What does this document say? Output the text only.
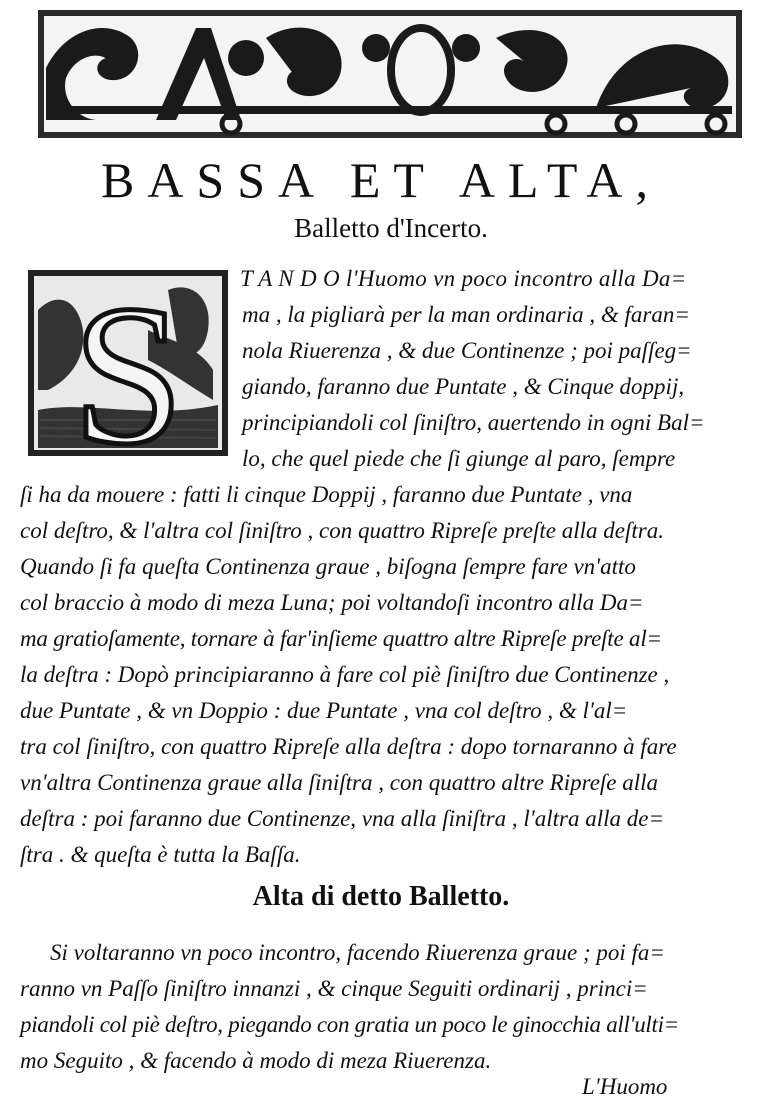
BASSA ET ALTA,

Balletto d'Incerto.

S T A N D O l'Huomo vn poco incontro alla Da=

ma , la pigliarà per la man ordinaria , & faran=

nola Riuerenza , & due Continenze ; poi paſſeg=

giando, faranno due Puntate , & Cinque doppij,

principiandoli col ſiniſtro, auertendo in ogni Bal=

lo, che quel piede che ſi giunge al paro, ſempre

ſi ha da mouere : fatti li cinque Doppij , faranno due Puntate , vna

col deſtro, & l'altra col ſiniſtro , con quattro Ripreſe preſte alla deſtra.

Quando ſi fa queſta Continenza graue , biſogna ſempre fare vn'atto

col braccio à modo di meza Luna; poi voltandoſi incontro alla Da=

ma gratioſamente, tornare à far'inſieme quattro altre Ripreſe preſte al=

la deſtra : Dopò principiaranno à fare col piè ſiniſtro due Continenze ,

due Puntate , & vn Doppio : due Puntate , vna col deſtro , & l'al=

tra col ſiniſtro, con quattro Ripreſe alla deſtra : dopo tornaranno à fare

vn'altra Continenza graue alla ſiniſtra , con quattro altre Ripreſe alla

deſtra : poi faranno due Continenze, vna alla ſiniſtra , l'altra alla de=

ſtra . & queſta è tutta la Baſſa.

Alta di detto Balletto.

Si voltaranno vn poco incontro, facendo Riuerenza graue ; poi fa=

ranno vn Paſſo ſiniſtro innanzi , & cinque Seguiti ordinarij , princi=

piandoli col piè deſtro, piegando con gratia un poco le ginocchia all'ulti=

mo Seguito , & facendo à modo di meza Riuerenza.

L'Huomo
